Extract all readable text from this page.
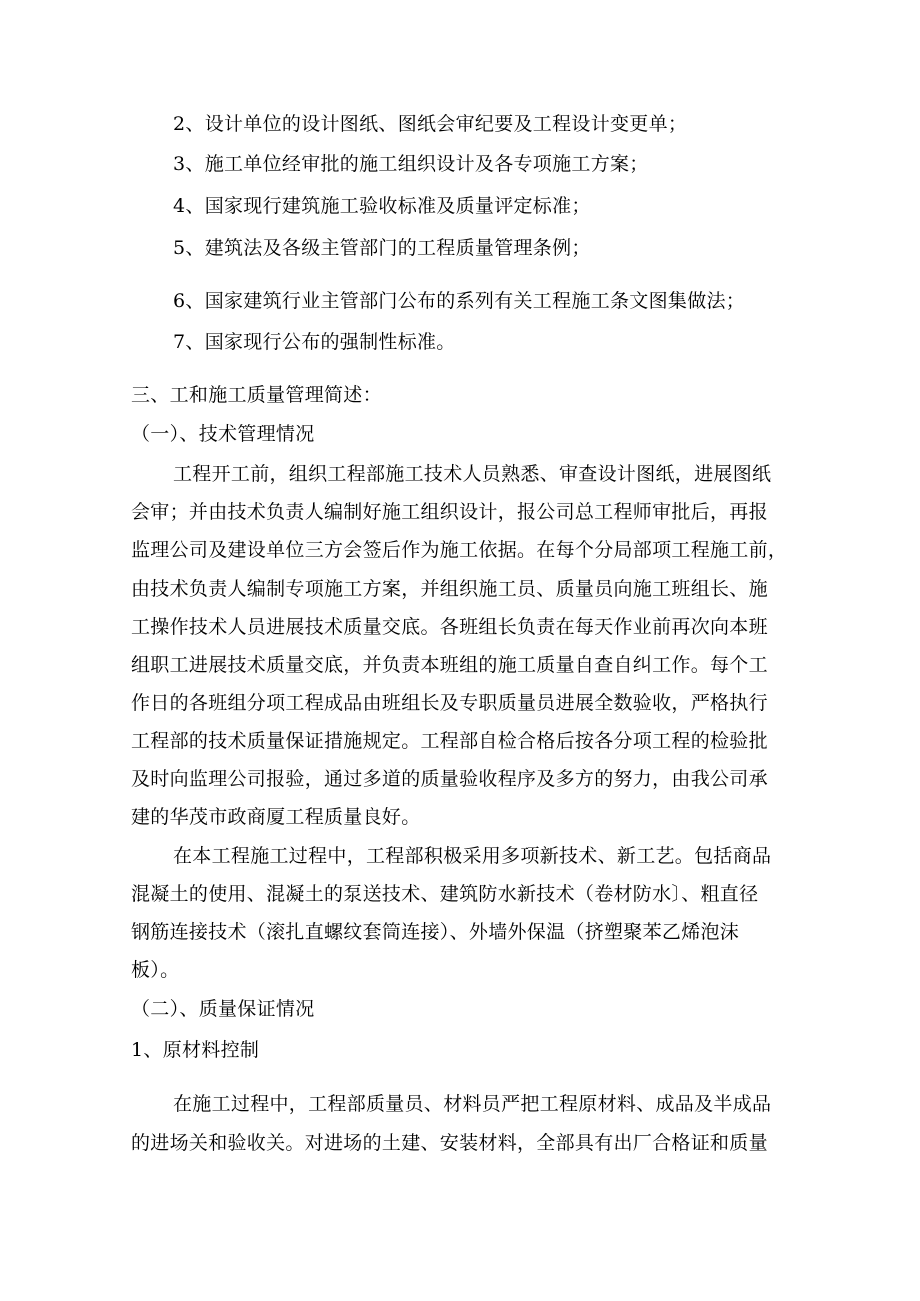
2、设计单位的设计图纸、图纸会审纪要及工程设计变更单；
3、施工单位经审批的施工组织设计及各专项施工方案；
4、国家现行建筑施工验收标准及质量评定标准；
5、建筑法及各级主管部门的工程质量管理条例；
6、国家建筑行业主管部门公布的系列有关工程施工条文图集做法；
7、国家现行公布的强制性标准。
三、工和施工质量管理简述：
（一）、技术管理情况
工程开工前，组织工程部施工技术人员熟悉、审查设计图纸，进展图纸
会审；并由技术负责人编制好施工组织设计，报公司总工程师审批后，再报
监理公司及建设单位三方会签后作为施工依据。在每个分局部项工程施工前，
由技术负责人编制专项施工方案，并组织施工员、质量员向施工班组长、施
工操作技术人员进展技术质量交底。各班组长负责在每天作业前再次向本班
组职工进展技术质量交底，并负责本班组的施工质量自查自纠工作。每个工
作日的各班组分项工程成品由班组长及专职质量员进展全数验收，严格执行
工程部的技术质量保证措施规定。工程部自检合格后按各分项工程的检验批
及时向监理公司报验，通过多道的质量验收程序及多方的努力，由我公司承
建的华茂市政商厦工程质量良好。
在本工程施工过程中，工程部积极采用多项新技术、新工艺。包括商品
混凝土的使用、混凝土的泵送技术、建筑防水新技术（卷材防水〕、粗直径
钢筋连接技术（滚扎直螺纹套筒连接）、外墙外保温（挤塑聚苯乙烯泡沫
板）。
（二）、质量保证情况
1、原材料控制
在施工过程中，工程部质量员、材料员严把工程原材料、成品及半成品
的进场关和验收关。对进场的土建、安装材料，全部具有出厂合格证和质量
